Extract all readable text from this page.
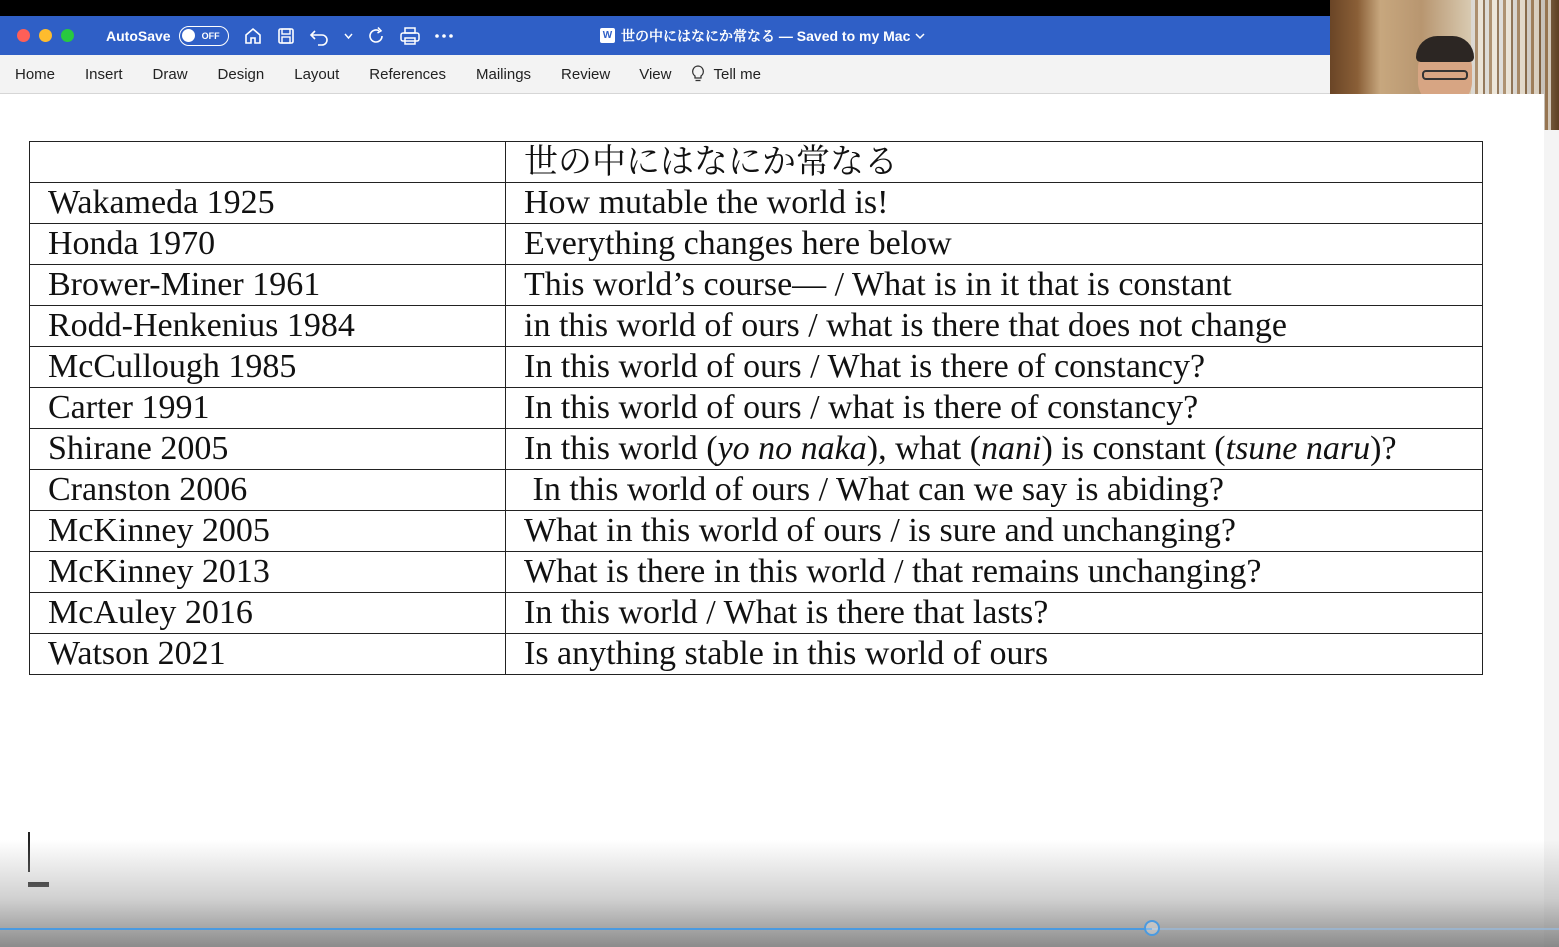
AutoSave	OFF	W 世の中にはなにか常なる — Saved to my Mac
Home Insert Draw Design Layout References Mailings Review View	Tell me
	世の中にはなにか常なる
Wakameda 1925	How mutable the world is!
Honda 1970	Everything changes here below
Brower-Miner 1961	This world’s course— / What is in it that is constant
Rodd-Henkenius 1984	in this world of ours / what is there that does not change
McCullough 1985	In this world of ours / What is there of constancy?
Carter 1991	In this world of ours / what is there of constancy?
Shirane 2005	In this world (yo no naka), what (nani) is constant (tsune naru)?
Cranston 2006	In this world of ours / What can we say is abiding?
McKinney 2005	What in this world of ours / is sure and unchanging?
McKinney 2013	What is there in this world / that remains unchanging?
McAuley 2016	In this world / What is there that lasts?
Watson 2021	Is anything stable in this world of ours
